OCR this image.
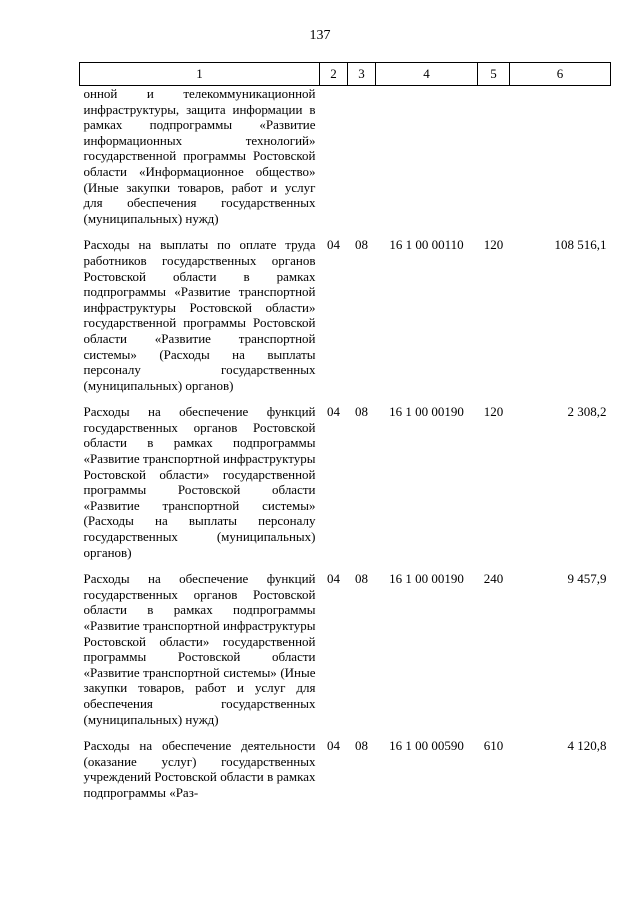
137
1	2	3	4	5	6
онной и телекоммуникационной инфраструктуры, защита информации в рамках подпрограммы «Развитие информационных технологий» государственной программы Ростовской области «Информационное общество» (Иные закупки товаров, работ и услуг для обеспечения государственных (муниципальных) нужд)					
Расходы на выплаты по оплате труда работников государственных органов Ростовской области в рамках подпрограммы «Развитие транспортной инфраструктуры Ростовской области» государственной программы Ростовской области «Развитие транспортной системы» (Расходы на выплаты персоналу государственных (муниципальных) органов)	04	08	16 1 00 00110	120	108 516,1
Расходы на обеспечение функций государственных органов Ростовской области в рамках подпрограммы «Развитие транспортной инфраструктуры Ростовской области» государственной программы Ростовской области «Развитие транспортной системы» (Расходы на выплаты персоналу государственных (муниципальных) органов)	04	08	16 1 00 00190	120	2 308,2
Расходы на обеспечение функций государственных органов Ростовской области в рамках подпрограммы «Развитие транспортной инфраструктуры Ростовской области» государственной программы Ростовской области «Развитие транспортной системы» (Иные закупки товаров, работ и услуг для обеспечения государственных (муниципальных) нужд)	04	08	16 1 00 00190	240	9 457,9
Расходы на обеспечение деятельности (оказание услуг) государственных учреждений Ростовской области в рамках подпрограммы «Раз-	04	08	16 1 00 00590	610	4 120,8
